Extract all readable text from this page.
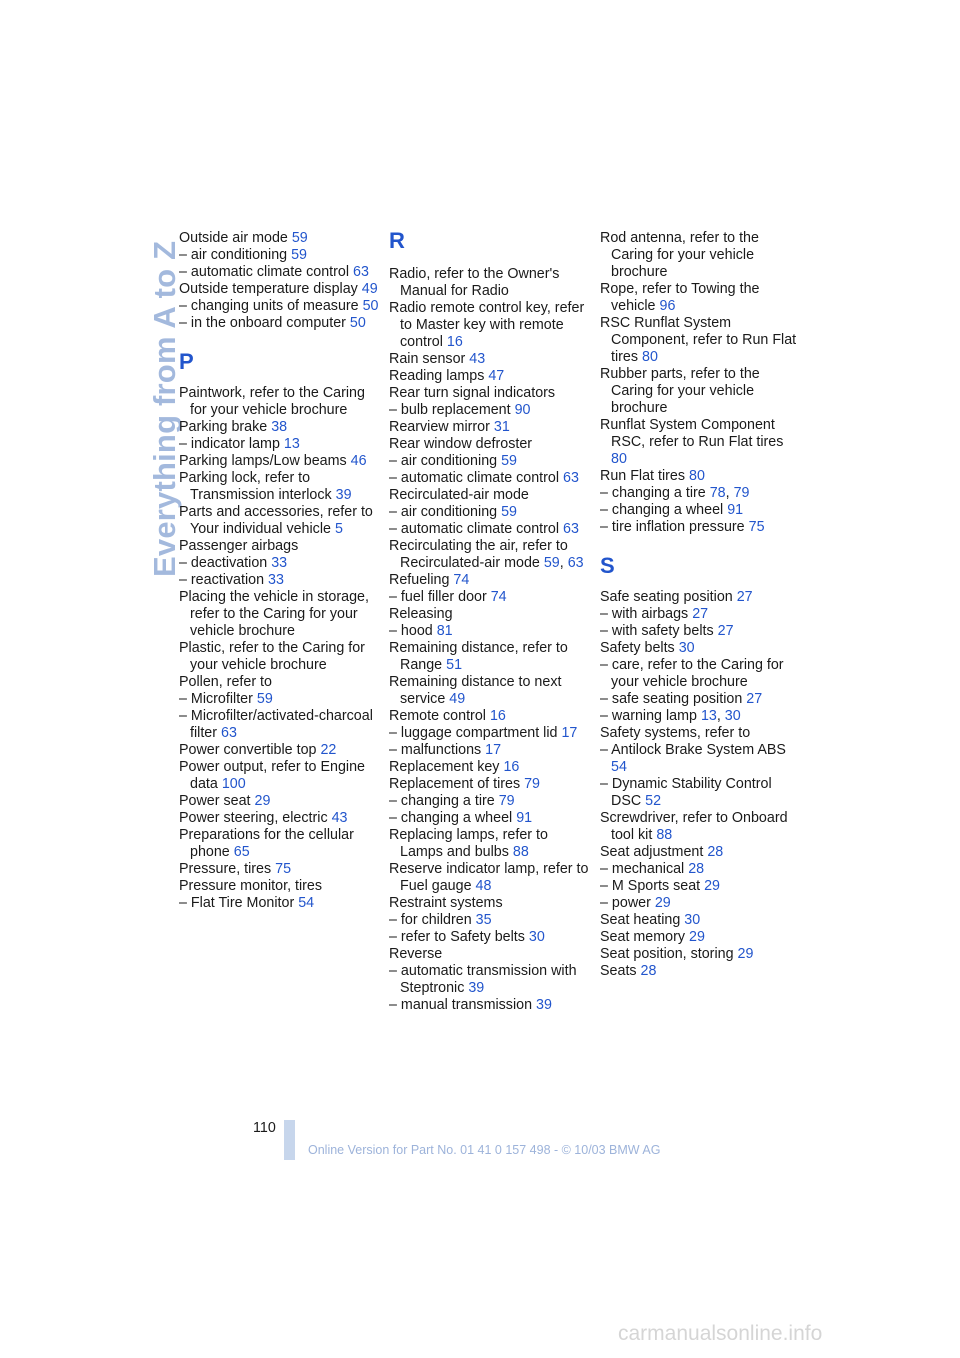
Everything from A to Z
Outside air mode 59
– air conditioning 59
– automatic climate control 63
Outside temperature display 49
– changing units of measure 50
– in the onboard computer 50
P
Paintwork, refer to the Caring for your vehicle brochure
Parking brake 38
– indicator lamp 13
Parking lamps/Low beams 46
Parking lock, refer to Transmission interlock 39
Parts and accessories, refer to Your individual vehicle 5
Passenger airbags
– deactivation 33
– reactivation 33
Placing the vehicle in storage, refer to the Caring for your vehicle brochure
Plastic, refer to the Caring for your vehicle brochure
Pollen, refer to
– Microfilter 59
– Microfilter/activated-charcoal filter 63
Power convertible top 22
Power output, refer to Engine data 100
Power seat 29
Power steering, electric 43
Preparations for the cellular phone 65
Pressure, tires 75
Pressure monitor, tires
– Flat Tire Monitor 54
R
Radio, refer to the Owner's Manual for Radio
Radio remote control key, refer to Master key with remote control 16
Rain sensor 43
Reading lamps 47
Rear turn signal indicators
– bulb replacement 90
Rearview mirror 31
Rear window defroster
– air conditioning 59
– automatic climate control 63
Recirculated-air mode
– air conditioning 59
– automatic climate control 63
Recirculating the air, refer to Recirculated-air mode 59, 63
Refueling 74
– fuel filler door 74
Releasing
– hood 81
Remaining distance, refer to Range 51
Remaining distance to next service 49
Remote control 16
– luggage compartment lid 17
– malfunctions 17
Replacement key 16
Replacement of tires 79
– changing a tire 79
– changing a wheel 91
Replacing lamps, refer to Lamps and bulbs 88
Reserve indicator lamp, refer to Fuel gauge 48
Restraint systems
– for children 35
– refer to Safety belts 30
Reverse
– automatic transmission with Steptronic 39
– manual transmission 39
Rod antenna, refer to the Caring for your vehicle brochure
Rope, refer to Towing the vehicle 96
RSC Runflat System Component, refer to Run Flat tires 80
Rubber parts, refer to the Caring for your vehicle brochure
Runflat System Component RSC, refer to Run Flat tires 80
Run Flat tires 80
– changing a tire 78, 79
– changing a wheel 91
– tire inflation pressure 75
S
Safe seating position 27
– with airbags 27
– with safety belts 27
Safety belts 30
– care, refer to the Caring for your vehicle brochure
– safe seating position 27
– warning lamp 13, 30
Safety systems, refer to
– Antilock Brake System ABS 54
– Dynamic Stability Control DSC 52
Screwdriver, refer to Onboard tool kit 88
Seat adjustment 28
– mechanical 28
– M Sports seat 29
– power 29
Seat heating 30
Seat memory 29
Seat position, storing 29
Seats 28
110
Online Version for Part No. 01 41 0 157 498 - © 10/03 BMW AG
carmanualsonline.info
